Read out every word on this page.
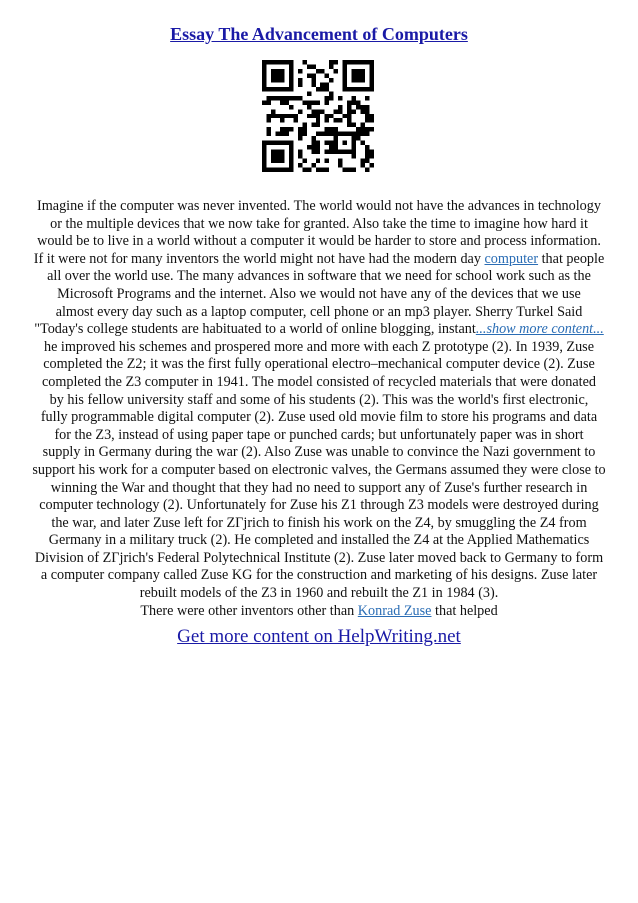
Essay The Advancement of Computers
Imagine if the computer was never invented. The world would not have the advances in technology
or the multiple devices that we now take for granted. Also take the time to imagine how hard it
would be to live in a world without a computer it would be harder to store and process information.
If it were not for many inventors the world might not have had the modern day computer that people
all over the world use. The many advances in software that we need for school work such as the
Microsoft Programs and the internet. Also we would not have any of the devices that we use
almost every day such as a laptop computer, cell phone or an mp3 player. Sherry Turkel Said
"Today's college students are habituated to a world of online blogging, instant...show more content...
he improved his schemes and prospered more and more with each Z prototype (2). In 1939, Zuse
completed the Z2; it was the first fully operational electro–mechanical computer device (2). Zuse
completed the Z3 computer in 1941. The model consisted of recycled materials that were donated
by his fellow university staff and some of his students (2). This was the world's first electronic,
fully programmable digital computer (2). Zuse used old movie film to store his programs and data
for the Z3, instead of using paper tape or punched cards; but unfortunately paper was in short
supply in Germany during the war (2). Also Zuse was unable to convince the Nazi government to
support his work for a computer based on electronic valves, the Germans assumed they were close to
winning the War and thought that they had no need to support any of Zuse's further research in
computer technology (2). Unfortunately for Zuse his Z1 through Z3 models were destroyed during
the war, and later Zuse left for ZΓjrich to finish his work on the Z4, by smuggling the Z4 from
Germany in a military truck (2). He completed and installed the Z4 at the Applied Mathematics
Division of ZΓjrich's Federal Polytechnical Institute (2). Zuse later moved back to Germany to form
a computer company called Zuse KG for the construction and marketing of his designs. Zuse later
rebuilt models of the Z3 in 1960 and rebuilt the Z1 in 1984 (3).
There were other inventors other than Konrad Zuse that helped
Get more content on HelpWriting.net
